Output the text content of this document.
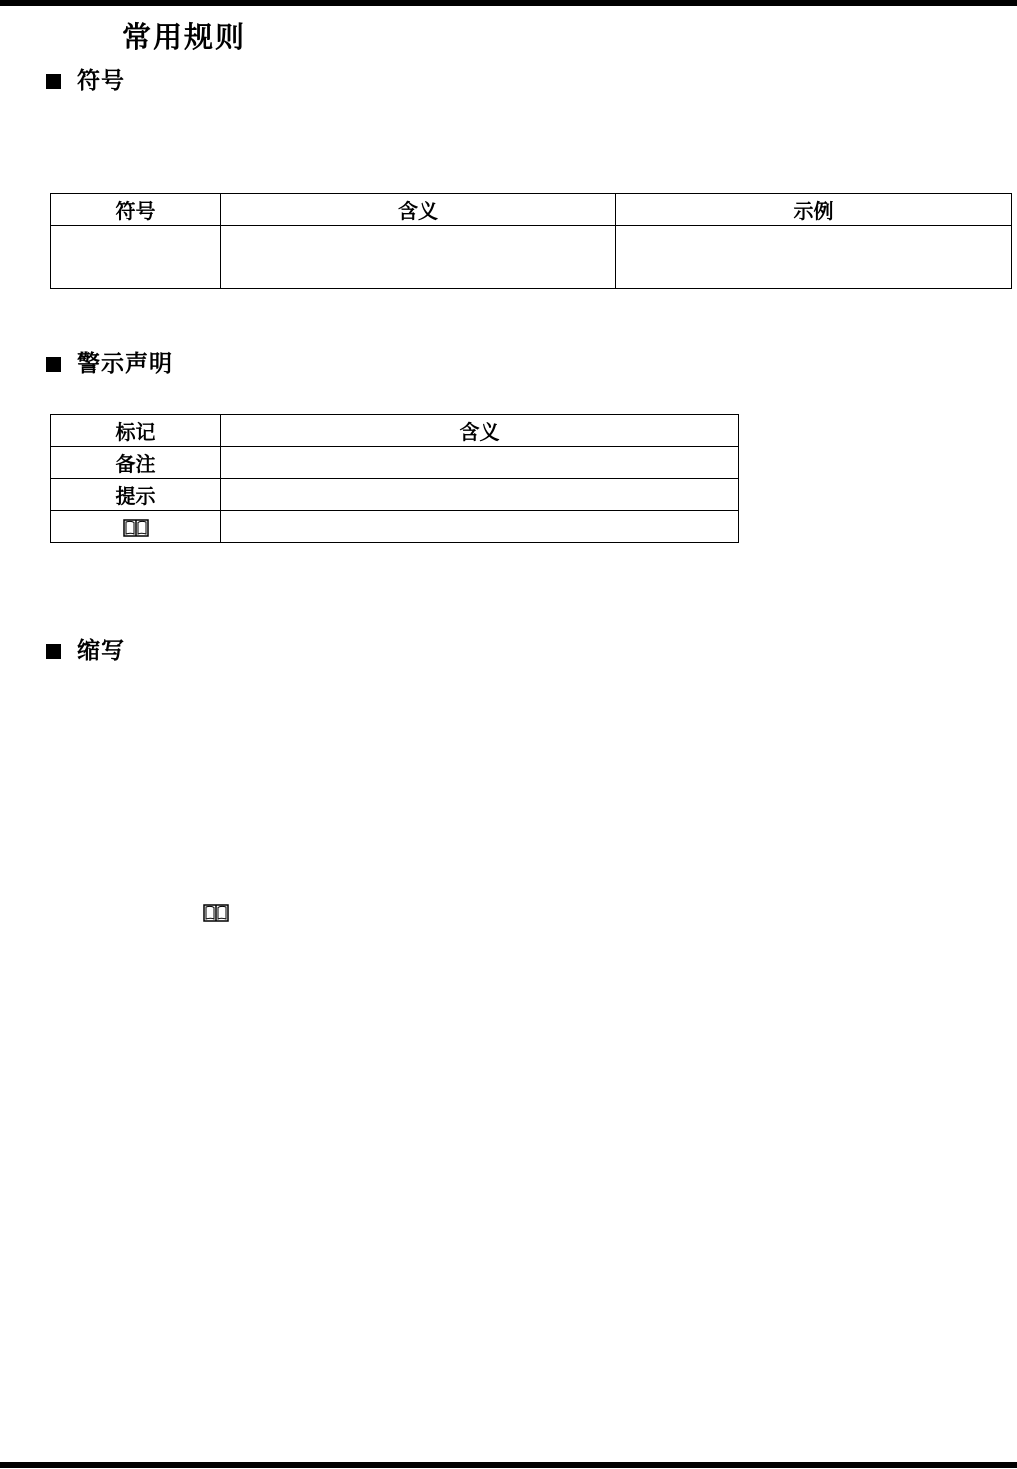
常用规则
符号
符号	含义	示例

警示声明
标记	含义
备注	
提示	

缩写
